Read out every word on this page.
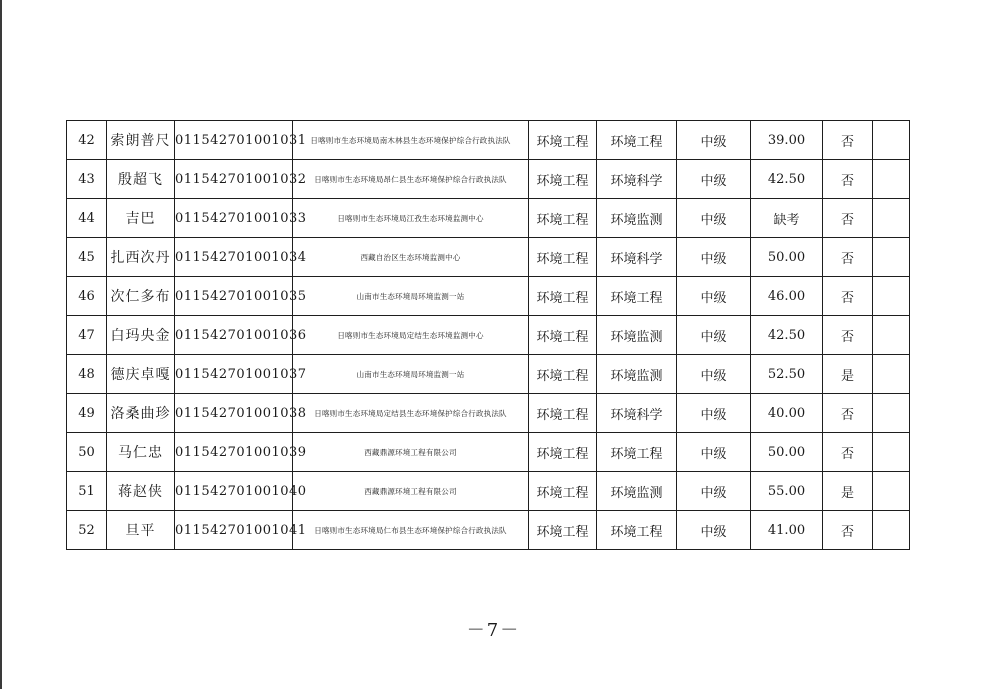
42	索朗普尺	011542701001031	日喀则市生态环境局南木林县生态环境保护综合行政执法队	环境工程	环境工程	中级	39.00	否	
43	殷超飞	011542701001032	日喀则市生态环境局昂仁县生态环境保护综合行政执法队	环境工程	环境科学	中级	42.50	否	
44	吉巴	011542701001033	日喀则市生态环境局江孜生态环境监测中心	环境工程	环境监测	中级	缺考	否	
45	扎西次丹	011542701001034	西藏自治区生态环境监测中心	环境工程	环境科学	中级	50.00	否	
46	次仁多布	011542701001035	山南市生态环境局环境监测一站	环境工程	环境工程	中级	46.00	否	
47	白玛央金	011542701001036	日喀则市生态环境局定结生态环境监测中心	环境工程	环境监测	中级	42.50	否	
48	德庆卓嘎	011542701001037	山南市生态环境局环境监测一站	环境工程	环境监测	中级	52.50	是	
49	洛桑曲珍	011542701001038	日喀则市生态环境局定结县生态环境保护综合行政执法队	环境工程	环境科学	中级	40.00	否	
50	马仁忠	011542701001039	西藏鼎源环境工程有限公司	环境工程	环境工程	中级	50.00	否	
51	蒋赵侠	011542701001040	西藏鼎源环境工程有限公司	环境工程	环境监测	中级	55.00	是	
52	旦平	011542701001041	日喀则市生态环境局仁布县生态环境保护综合行政执法队	环境工程	环境工程	中级	41.00	否	
－7－
